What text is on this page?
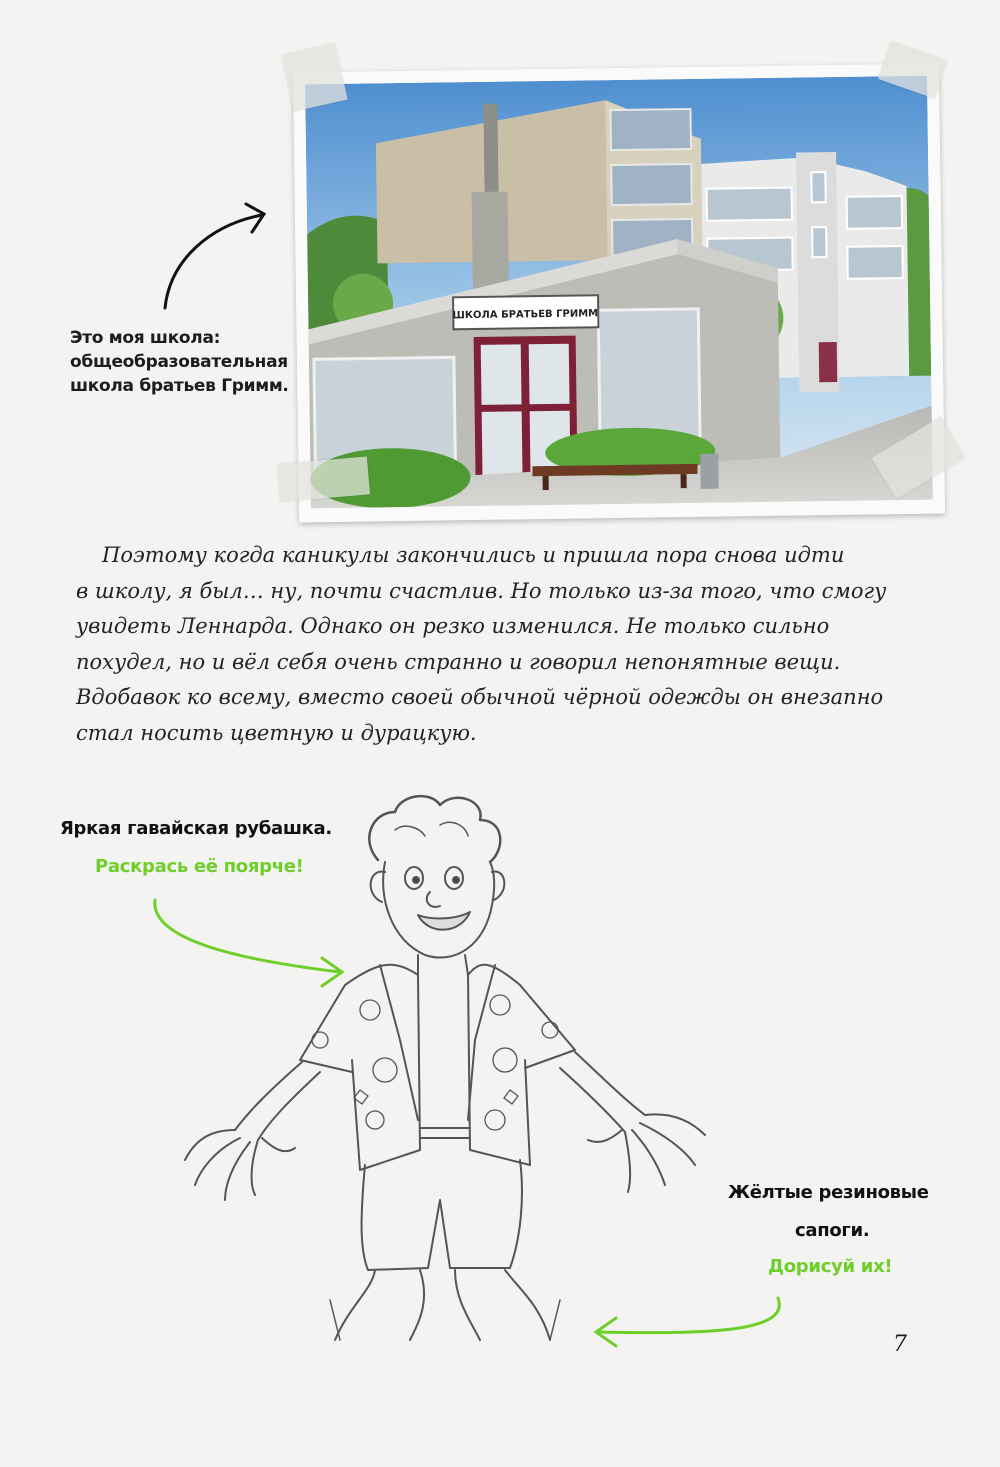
ШКОЛА БРАТЬЕВ ГРИММ
Это моя школа:
общеобразовательная
школа братьев Гримм.
Поэтому когда каникулы закончились и пришла пора снова идти
в школу, я был… ну, почти счастлив. Но только из-за того, что смогу
увидеть Леннарда. Однако он резко изменился. Не только сильно
похудел, но и вёл себя очень странно и говорил непонятные вещи.
Вдобавок ко всему, вместо своей обычной чёрной одежды он внезапно
стал носить цветную и дурацкую.
Яркая гавайская рубашка.
Раскрась её поярче!
Жёлтые резиновые
сапоги.
Дорисуй их!
7
